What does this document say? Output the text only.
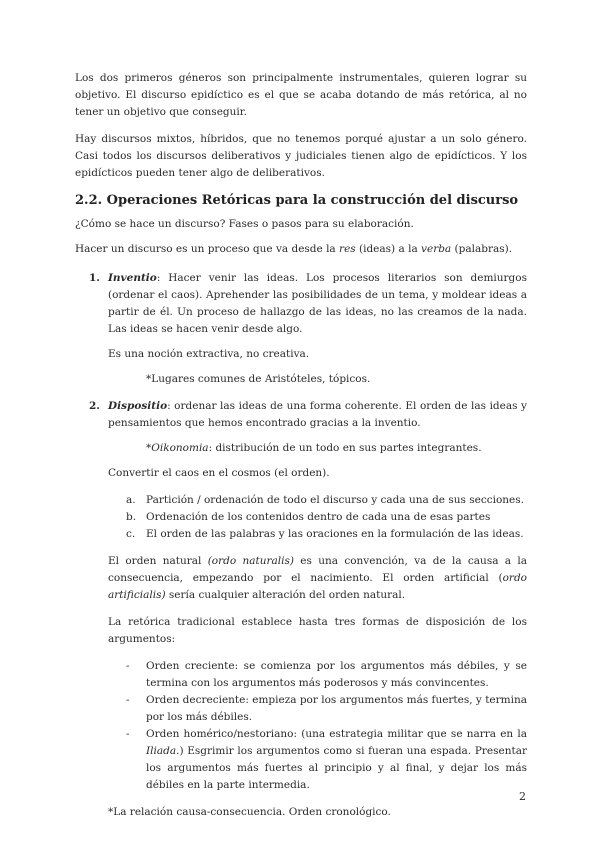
Los dos primeros géneros son principalmente instrumentales, quieren lograr su objetivo. El discurso epidíctico es el que se acaba dotando de más retórica, al no tener un objetivo que conseguir.

Hay discursos mixtos, híbridos, que no tenemos porqué ajustar a un solo género. Casi todos los discursos deliberativos y judiciales tienen algo de epidícticos. Y los epidícticos pueden tener algo de deliberativos.

2.2. Operaciones Retóricas para la construcción del discurso

¿Cómo se hace un discurso? Fases o pasos para su elaboración.

Hacer un discurso es un proceso que va desde la res (ideas) a la verba (palabras).

1. Inventio: Hacer venir las ideas. Los procesos literarios son demiurgos (ordenar el caos). Aprehender las posibilidades de un tema, y moldear ideas a partir de él. Un proceso de hallazgo de las ideas, no las creamos de la nada. Las ideas se hacen venir desde algo.

Es una noción extractiva, no creativa.

*Lugares comunes de Aristóteles, tópicos.

2. Dispositio: ordenar las ideas de una forma coherente. El orden de las ideas y pensamientos que hemos encontrado gracias a la inventio.

*Oikonomia: distribución de un todo en sus partes integrantes.

Convertir el caos en el cosmos (el orden).

a. Partición / ordenación de todo el discurso y cada una de sus secciones.
b. Ordenación de los contenidos dentro de cada una de esas partes
c. El orden de las palabras y las oraciones en la formulación de las ideas.

El orden natural (ordo naturalis) es una convención, va de la causa a la consecuencia, empezando por el nacimiento. El orden artificial (ordo artificialis) sería cualquier alteración del orden natural.

La retórica tradicional establece hasta tres formas de disposición de los argumentos:

- Orden creciente: se comienza por los argumentos más débiles, y se termina con los argumentos más poderosos y más convincentes.
- Orden decreciente: empieza por los argumentos más fuertes, y termina por los más débiles.
- Orden homérico/nestoriano: (una estrategia militar que se narra en la Iliada.) Esgrimir los argumentos como si fueran una espada. Presentar los argumentos más fuertes al principio y al final, y dejar los más débiles en la parte intermedia.

*La relación causa-consecuencia. Orden cronológico.

2
